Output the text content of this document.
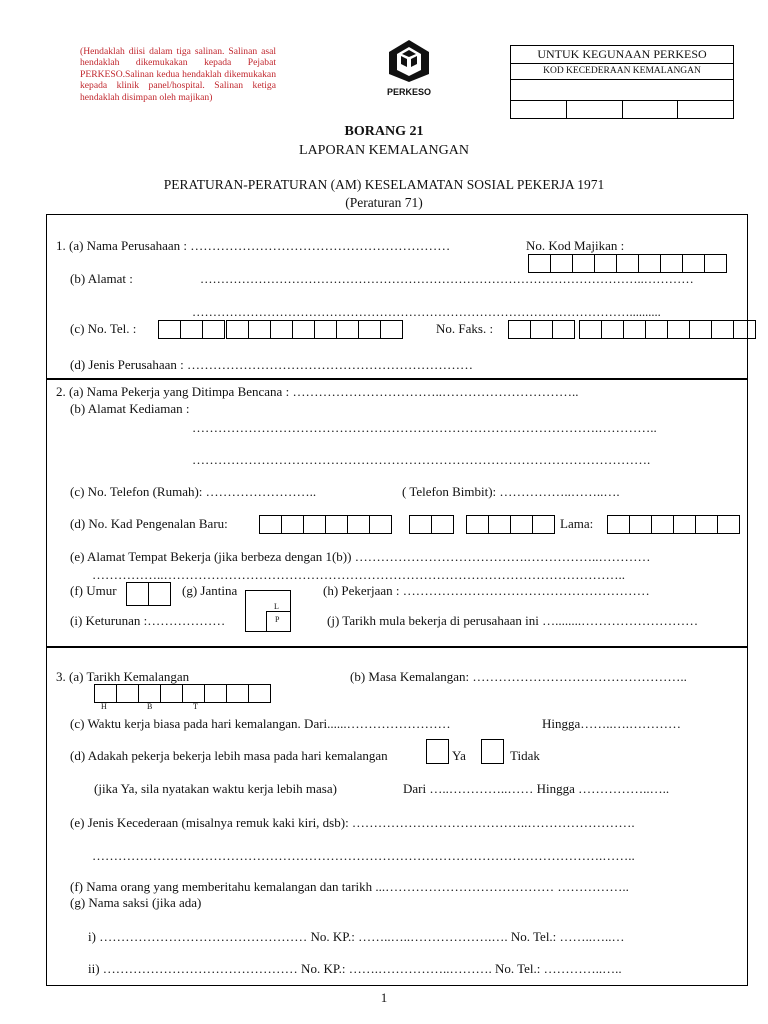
(Hendaklah diisi dalam tiga salinan. Salinan asal hendaklah dikemukakan kepada Pejabat PERKESO.Salinan kedua hendaklah dikemukakan kepada klinik panel/hospital. Salinan ketiga hendaklah disimpan oleh majikan)	PERKESO
UNTUK KEGUNAAN PERKESO
KOD KECEDERAAN KEMALANGAN
BORANG 21
LAPORAN KEMALANGAN
PERATURAN-PERATURAN (AM) KESELAMATAN SOSIAL PEKERJA 1971
(Peraturan 71)
1. (a) Nama Perusahaan : ……………………………………………………	No. Kod Majikan :
(b) Alamat :	……………………………………………………………………………………………..…………
……………………………………………………………………………………………..........
(c) No. Tel. :	No. Faks. :
(d) Jenis Perusahaan : …………………………………………………………
2. (a) Nama Pekerja yang Ditimpa Bencana : ……………………………..…………………………..
(b) Alamat Kediaman :
………………………………………………………………………………….…………..
…………………………………………………………………………………………….
(c) No. Telefon (Rumah): ……………………..	( Telefon Bimbit): ……………..……..….
(d) No. Kad Pengenalan Baru:	Lama:
(e) Alamat Tempat Bekerja (jika berbeza dengan 1(b)) ………………………………….……………..…………
……………..……………………………………………………………………………………………..
(f) Umur	(g) Jantina
L
P
(h) Pekerjaan : …………………………………………………
(i) Keturunan :………………	(j) Tarikh mula bekerja di perusahaan ini …........………………………
3. (a) Tarikh Kemalangan
H	B	T
(b) Masa Kemalangan: …………………………………………..
(c) Waktu kerja biasa pada hari kemalangan. Dari......……………………	Hingga……..….…………
(d) Adakah pekerja bekerja lebih masa pada hari kemalangan	Ya	Tidak
(jika Ya, sila nyatakan waktu kerja lebih masa)	Dari …..…………..…… Hingga ……………..…..
(e) Jenis Kecederaan (misalnya remuk kaki kiri, dsb): …………………………………..…………………….
……………………………………………………………………………………………………….……..
(f) Nama orang yang memberitahu kemalangan dan tarikh ...………………………………… ……………..
(g) Nama saksi (jika ada)
i) ………………………………………… No. KP.: ……..…..……………….…. No. Tel.: ……..…..…
ii) ……………………………………… No. KP.: …….……………..………. No. Tel.: …………..…..
1
